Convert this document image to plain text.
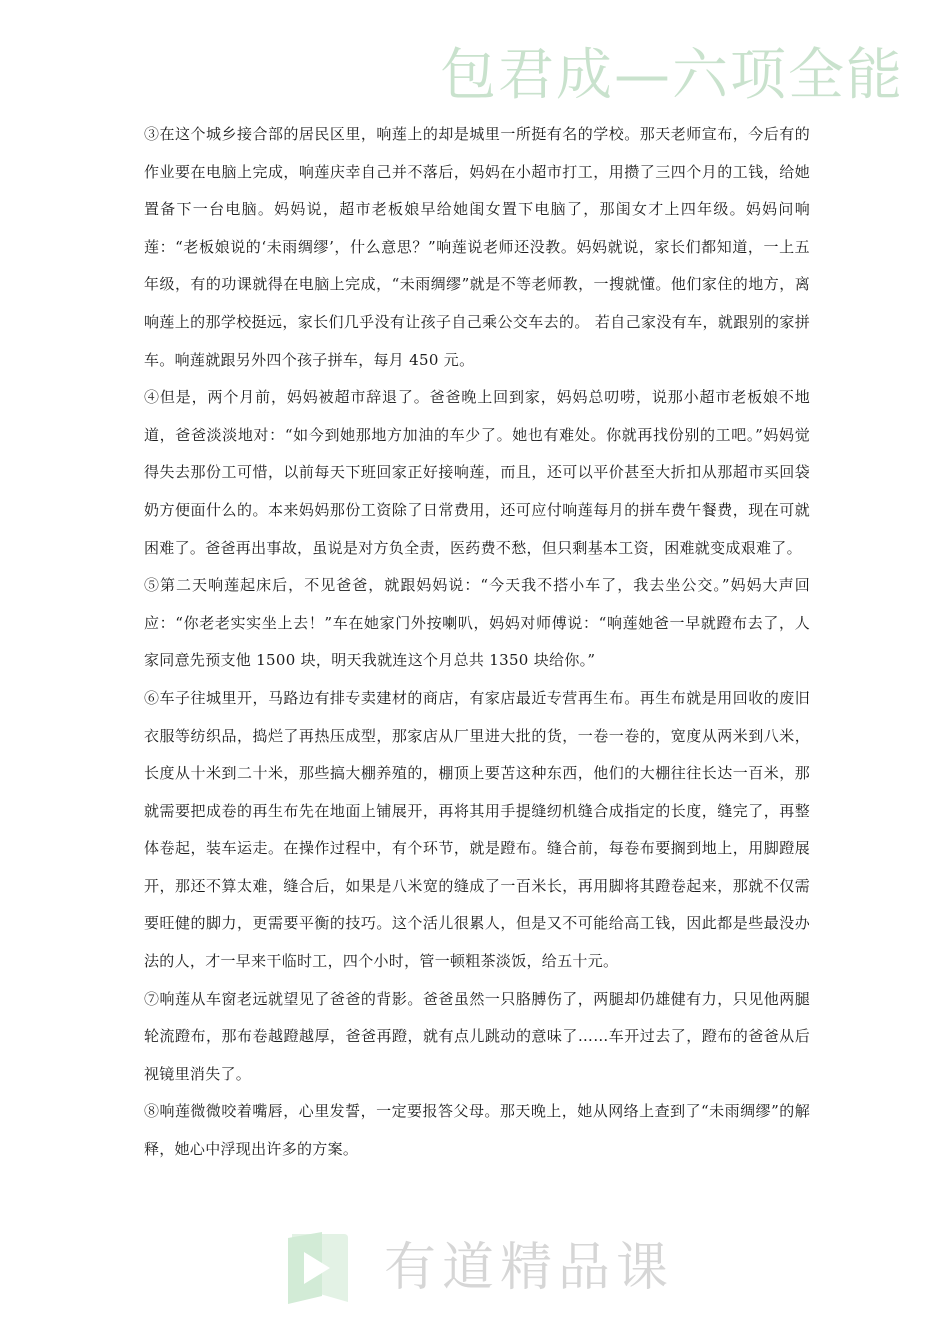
包君成—六项全能

③在这个城乡接合部的居民区里，响莲上的却是城里一所挺有名的学校。那天老师宣布，今后有的作业要在电脑上完成，响莲庆幸自己并不落后，妈妈在小超市打工，用攒了三四个月的工钱，给她置备下一台电脑。妈妈说，超市老板娘早给她闺女置下电脑了，那闺女才上四年级。妈妈问响莲：“老板娘说的‘未雨绸缪’，什么意思？”响莲说老师还没教。妈妈就说，家长们都知道，一上五年级，有的功课就得在电脑上完成，“未雨绸缪”就是不等老师教，一搜就懂。他们家住的地方，离响莲上的那学校挺远，家长们几乎没有让孩子自己乘公交车去的。 若自己家没有车，就跟别的家拼车。响莲就跟另外四个孩子拼车，每月 450 元。

④但是，两个月前，妈妈被超市辞退了。爸爸晚上回到家，妈妈总叨唠，说那小超市老板娘不地道，爸爸淡淡地对：“如今到她那地方加油的车少了。她也有难处。你就再找份别的工吧。”妈妈觉得失去那份工可惜，以前每天下班回家正好接响莲，而且，还可以平价甚至大折扣从那超市买回袋奶方便面什么的。本来妈妈那份工资除了日常费用，还可应付响莲每月的拼车费午餐费，现在可就困难了。爸爸再出事故，虽说是对方负全责，医药费不愁，但只剩基本工资，困难就变成艰难了。

⑤第二天响莲起床后，不见爸爸，就跟妈妈说：“今天我不搭小车了，我去坐公交。”妈妈大声回应：“你老老实实坐上去！”车在她家门外按喇叭，妈妈对师傅说：“响莲她爸一早就蹬布去了，人家同意先预支他 1500 块，明天我就连这个月总共 1350 块给你。”

⑥车子往城里开，马路边有排专卖建材的商店，有家店最近专营再生布。再生布就是用回收的废旧衣服等纺织品，捣烂了再热压成型，那家店从厂里进大批的货，一卷一卷的，宽度从两米到八米，长度从十米到二十米，那些搞大棚养殖的，棚顶上要苫这种东西，他们的大棚往往长达一百米，那就需要把成卷的再生布先在地面上铺展开，再将其用手提缝纫机缝合成指定的长度，缝完了，再整体卷起，装车运走。在操作过程中，有个环节，就是蹬布。缝合前，每卷布要搁到地上，用脚蹬展开，那还不算太难，缝合后，如果是八米宽的缝成了一百米长，再用脚将其蹬卷起来，那就不仅需要旺健的脚力，更需要平衡的技巧。这个活儿很累人，但是又不可能给高工钱，因此都是些最没办法的人，才一早来干临时工，四个小时，管一顿粗茶淡饭，给五十元。

⑦响莲从车窗老远就望见了爸爸的背影。爸爸虽然一只胳膊伤了，两腿却仍雄健有力，只见他两腿轮流蹬布，那布卷越蹬越厚，爸爸再蹬，就有点儿跳动的意味了……车开过去了，蹬布的爸爸从后视镜里消失了。

⑧响莲微微咬着嘴唇，心里发誓，一定要报答父母。那天晚上，她从网络上查到了“未雨绸缪”的解释，她心中浮现出许多的方案。

有道精品课
